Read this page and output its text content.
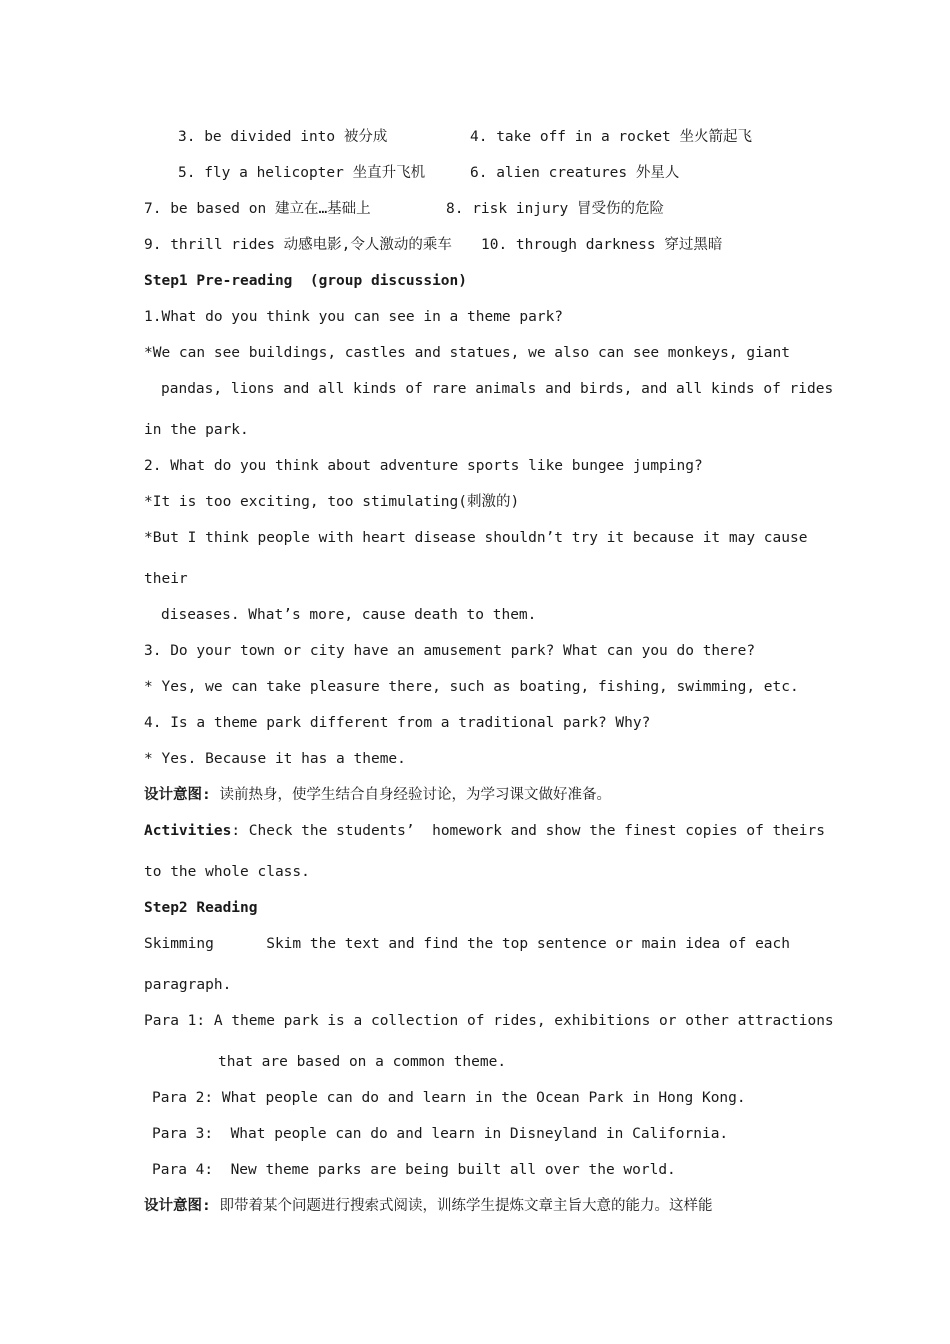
3. be divided into 被分成	4. take off in a rocket 坐火箭起飞
5. fly a helicopter 坐直升飞机	6. alien creatures 外星人
7. be based on 建立在…基础上	8. risk injury 冒受伤的危险
9. thrill rides 动感电影,令人激动的乘车 10. through darkness 穿过黑暗
Step1 Pre-reading  (group discussion)
1.What do you think you can see in a theme park?
*We can see buildings, castles and statues, we also can see monkeys, giant
pandas, lions and all kinds of rare animals and birds, and all kinds of rides
in the park.
2. What do you think about adventure sports like bungee jumping?
*It is too exciting, too stimulating(刺激的)
*But I think people with heart disease shouldn’t try it because it may cause
their
diseases. What’s more, cause death to them.
3. Do your town or city have an amusement park? What can you do there?
* Yes, we can take pleasure there, such as boating, fishing, swimming, etc.
4. Is a theme park different from a traditional park? Why?
* Yes. Because it has a theme.
设计意图: 读前热身，使学生结合自身经验讨论，为学习课文做好准备。
Activities: Check the students’  homework and show the finest copies of theirs
to the whole class.
Step2 Reading
Skimming      Skim the text and find the top sentence or main idea of each
paragraph.
Para 1: A theme park is a collection of rides, exhibitions or other attractions
that are based on a common theme.
Para 2: What people can do and learn in the Ocean Park in Hong Kong.
Para 3:  What people can do and learn in Disneyland in California.
Para 4:  New theme parks are being built all over the world.
设计意图: 即带着某个问题进行搜索式阅读，训练学生提炼文章主旨大意的能力。这样能
